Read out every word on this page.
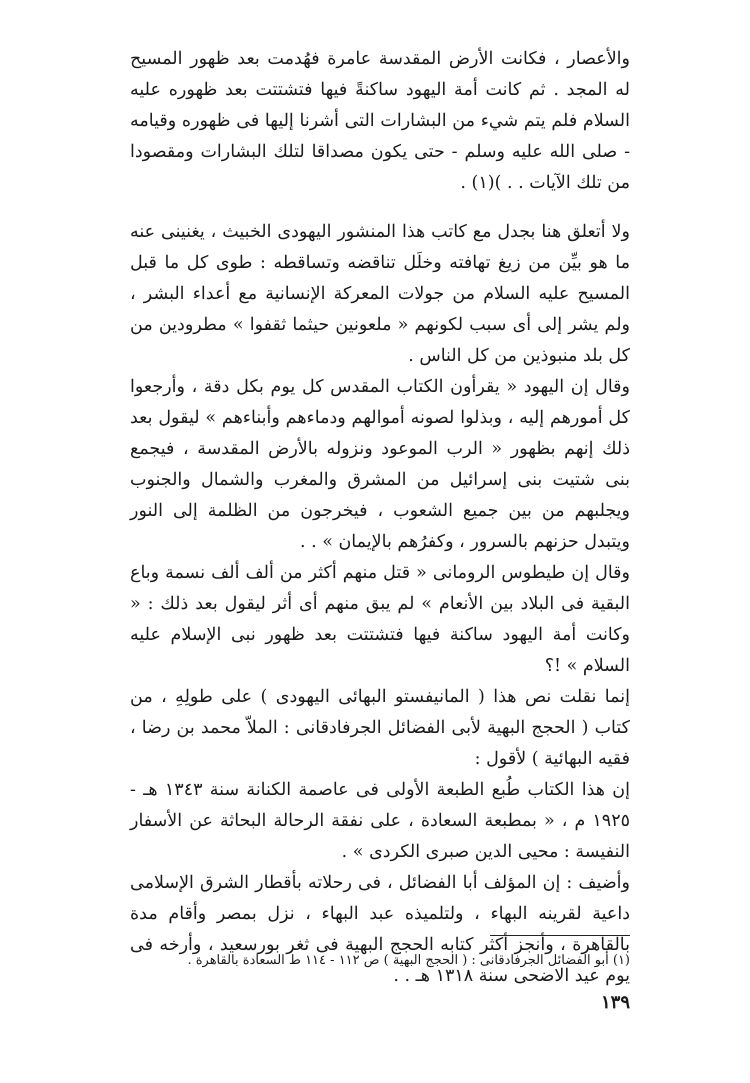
والأعصار ، فكانت الأرض المقدسة عامرة فهُدمت بعد ظهور المسيح له المجد . ثم كانت أمة اليهود ساكنةً فيها فتشتتت بعد ظهوره عليه السلام فلم يتم شيء من البشارات التى أشرنا إليها فى ظهوره وقيامه - صلى الله عليه وسلم - حتى يكون مصداقا لتلك البشارات ومقصودا من تلك الآيات . . )(١) .

ولا أتعلق هنا بجدل مع كاتب هذا المنشور اليهودى الخبيث ، يغنينى عنه ما هو بيِّن من زيغ تهافته وخلَل تناقضه وتساقطه : طوى كل ما قبل المسيح عليه السلام من جولات المعركة الإنسانية مع أعداء البشر ، ولم يشر إلى أى سبب لكونهم « ملعونين حيثما ثقفوا » مطرودين من كل بلد منبوذين من كل الناس .

وقال إن اليهود « يقرأون الكتاب المقدس كل يوم بكل دقة ، وأرجعوا كل أمورهم إليه ، وبذلوا لصونه أموالهم ودماءهم وأبناءهم » ليقول بعد ذلك إنهم بظهور « الرب الموعود ونزوله بالأرض المقدسة ، فيجمع بنى شتيت بنى إسرائيل من المشرق والمغرب والشمال والجنوب ويجلبهم من بين جميع الشعوب ، فيخرجون من الظلمة إلى النور ويتبدل حزنهم بالسرور ، وكفرُهم بالإيمان » . .

وقال إن طيطوس الرومانى « قتل منهم أكثر من ألف ألف نسمة وباع البقية فى البلاد بين الأنعام » لم يبق منهم أى أثر ليقول بعد ذلك : « وكانت أمة اليهود ساكنة فيها فتشتتت بعد ظهور نبى الإسلام عليه السلام » !؟

إنما نقلت نص هذا ( المانيفستو البهائى اليهودى ) على طولِهِ ، من كتاب ( الحجج البهية لأبى الفضائل الجرفادقانى : الملاّ محمد بن رضا ، فقيه البهائية ) لأقول :

إن هذا الكتاب طُبع الطبعة الأولى فى عاصمة الكنانة سنة ١٣٤٣ هـ - ١٩٢٥ م ، « بمطبعة السعادة ، على نفقة الرحالة البحاثة عن الأسفار النفيسة : محيى الدين صبرى الكردى » .

وأضيف : إن المؤلف أبا الفضائل ، فى رحلاته بأقطار الشرق الإسلامى داعية لقرينه البهاء ، ولتلميذه عبد البهاء ، نزل بمصر وأقام مدة بالقاهرة ، وأنجز أكثر كتابه الحجج البهية فى ثغر بورسعيد ، وأرخه فى يوم عيد الاضحى سنة ١٣١٨ هـ . .

(١) أبو الفضائل الجرفادقانى : ( الحجج البهية ) ص ١١٢ - ١١٤ ط السعادة بالقاهرة .
١٣٩
